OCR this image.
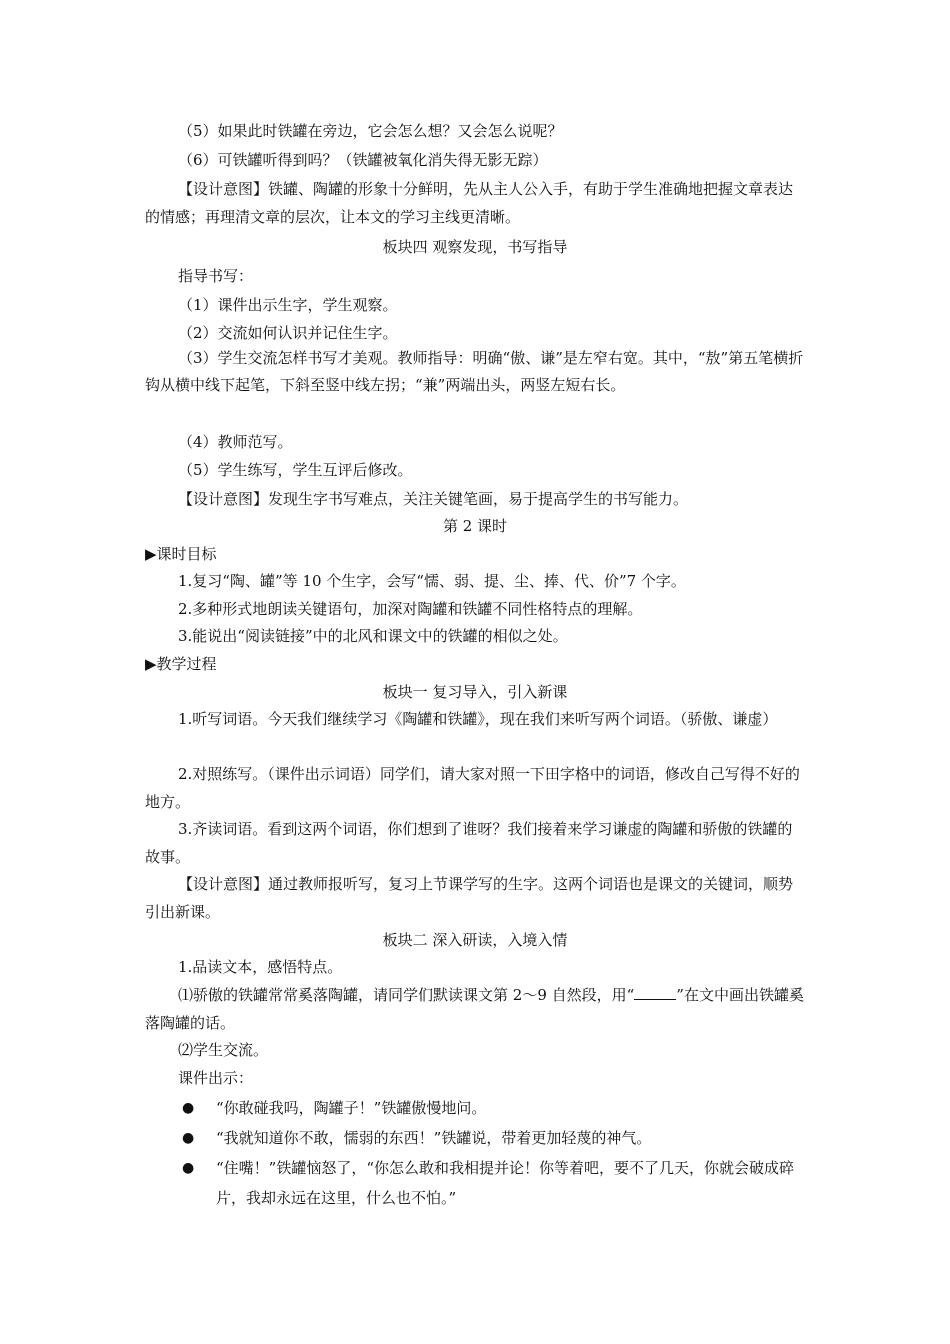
（5）如果此时铁罐在旁边，它会怎么想？又会怎么说呢？
（6）可铁罐听得到吗？（铁罐被氧化消失得无影无踪）
【设计意图】铁罐、陶罐的形象十分鲜明，先从主人公入手，有助于学生准确地把握文章表达的情感；再理清文章的层次，让本文的学习主线更清晰。
板块四 观察发现，书写指导
指导书写：
（1）课件出示生字，学生观察。
（2）交流如何认识并记住生字。
（3）学生交流怎样书写才美观。教师指导：明确“傲、谦”是左窄右宽。其中，“敖”第五笔横折钩从横中线下起笔，下斜至竖中线左拐；“兼”两端出头，两竖左短右长。
（4）教师范写。
（5）学生练写，学生互评后修改。
【设计意图】发现生字书写难点，关注关键笔画，易于提高学生的书写能力。
第 2 课时
▶课时目标
1.复习“陶、罐”等 10 个生字，会写“懦、弱、提、尘、捧、代、价”7 个字。
2.多种形式地朗读关键语句，加深对陶罐和铁罐不同性格特点的理解。
3.能说出“阅读链接”中的北风和课文中的铁罐的相似之处。
▶教学过程
板块一 复习导入，引入新课
1.听写词语。今天我们继续学习《陶罐和铁罐》，现在我们来听写两个词语。（骄傲、谦虚）
2.对照练写。（课件出示词语）同学们，请大家对照一下田字格中的词语，修改自己写得不好的地方。
3.齐读词语。看到这两个词语，你们想到了谁呀？我们接着来学习谦虚的陶罐和骄傲的铁罐的故事。
【设计意图】通过教师报听写，复习上节课学写的生字。这两个词语也是课文的关键词，顺势引出新课。
板块二 深入研读，入境入情
1.品读文本，感悟特点。
⑴骄傲的铁罐常常奚落陶罐，请同学们默读课文第 2～9 自然段，用“	”在文中画出铁罐奚落陶罐的话。
⑵学生交流。
课件出示：
● “你敢碰我吗，陶罐子！”铁罐傲慢地问。
● “我就知道你不敢，懦弱的东西！”铁罐说，带着更加轻蔑的神气。
● “住嘴！”铁罐恼怒了，“你怎么敢和我相提并论！你等着吧，要不了几天，你就会破成碎片，我却永远在这里，什么也不怕。”
